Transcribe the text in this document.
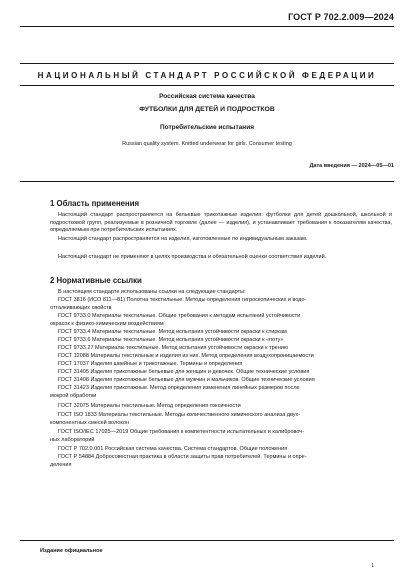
ГОСТ Р 702.2.009—2024
НАЦИОНАЛЬНЫЙ СТАНДАРТ РОССИЙСКОЙ ФЕДЕРАЦИИ
Российская система качества
ФУТБОЛКИ ДЛЯ ДЕТЕЙ И ПОДРОСТКОВ
Потребительские испытания
Russian quality system. Knitted underwear for girls. Consumer testing
Дата введения — 2024—05—01
1 Область применения
Настоящий стандарт распространяется на бельевые трикотажные изделия: футболки для детей дошкольной, школьной и подростковой групп, реализуемые в розничной торговле (далее — изделия), и устанавливает требования к показателям качества, определяемым при потребительских испытаниях.
Настоящий стандарт распространяется на изделия, изготовленные по индивидуальным заказам.
Настоящий стандарт не применяют в целях производства и обязательной оценки соответствия изделий.
2 Нормативные ссылки
В настоящем стандарте использованы ссылки на следующие стандарты:
ГОСТ 3816 (ИСО 811—81) Полотна текстильные. Методы определения гигроскопических и водо-
отталкивающих свойств
ГОСТ 9733.0 Материалы текстильные. Общие требования к методам испытаний устойчивости
окрасок к физико-химическим воздействиям
ГОСТ 9733.4 Материалы текстильные. Метод испытания устойчивости окраски к стиркам
ГОСТ 9733.6 Материалы текстильные. Метод испытания устойчивости окраски к «поту»
ГОСТ 9733.27 Материалы текстильные. Метод испытания устойчивости окраски к трению
ГОСТ 12088 Материалы текстильные и изделия из них. Метод определения воздухопроницаемости
ГОСТ 17037 Изделия швейные и трикотажные. Термины и определения
ГОСТ 31405 Изделия трикотажные бельевые для женщин и девочек. Общие технические условия
ГОСТ 31408 Изделия трикотажные бельевые для мужчин и мальчиков. Общие технические условия
ГОСТ 31423 Изделия трикотажные. Метод определения изменения линейных размеров после
мокрой обработки
ГОСТ 32075 Материалы текстильные. Метод определения токсичности
ГОСТ ISO 1833 Материалы текстильные. Методы количественного химического анализа двух-
компонентных смесей волокон
ГОСТ ISO/IEC 17025—2019 Общие требования к компетентности испытательных и калибровоч-
ных лабораторий
ГОСТ Р 702.0.001 Российская система качества. Система стандартов. Общие положения
ГОСТ Р 54884 Добросовестная практика в области защиты прав потребителей. Термины и опре-
деления
Издание официальное
1
